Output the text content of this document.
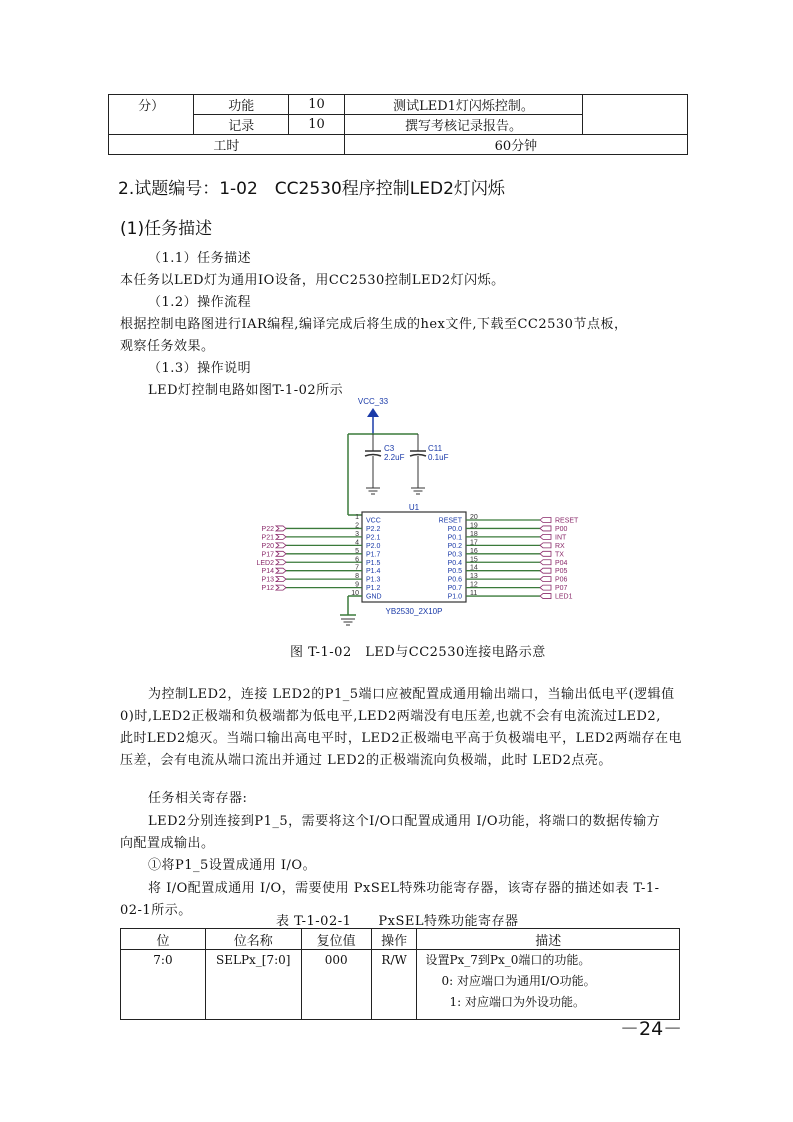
分）	功能	10	测试LED1灯闪烁控制。	
	记录	10	撰写考核记录报告。	
工时			60分钟	
2.试题编号：1-02　CC2530程序控制LED2灯闪烁
(1)任务描述
（1.1）任务描述
本任务以LED灯为通用IO设备，用CC2530控制LED2灯闪烁。
（1.2）操作流程
根据控制电路图进行IAR编程,编译完成后将生成的hex文件,下载至CC2530节点板，
观察任务效果。
（1.3）操作说明
LED灯控制电路如图T-1-02所示
VCC_33
C3
2.2uF
C11
0.1uF
U1
YB2530_2X10P
1 VCC
2 P2.2
P22
3 P2.1
P21
4 P2.0
P20
5 P1.7
P17
6 P1.5
LED2
7 P1.4
P14
8 P1.3
P13
9 P1.2
P12
10 GND
20
RESET	RESET
19
P0.0	P00
18
P0.1	INT
17
P0.2	RX
16
P0.3	TX
15
P0.4	P04
14
P0.5	P05
13
P0.6	P06
12
P0.7	P07
11
P1.0	LED1
图 T-1-02　LED与CC2530连接电路示意
为控制LED2，连接 LED2的P1_5端口应被配置成通用输出端口，当输出低电平(逻辑值
0)时,LED2正极端和负极端都为低电平,LED2两端没有电压差,也就不会有电流流过LED2,
此时LED2熄灭。当端口输出高电平时，LED2正极端电平高于负极端电平，LED2两端存在电
压差，会有电流从端口流出并通过 LED2的正极端流向负极端，此时 LED2点亮。
任务相关寄存器:
LED2分别连接到P1_5，需要将这个I/O口配置成通用 I/O功能，将端口的数据传输方
向配置成输出。
①将P1_5设置成通用 I/O。
将 I/O配置成通用 I/O，需要使用 PxSEL特殊功能寄存器，该寄存器的描述如表 T-1-
02-1所示。
表 T-1-02-1　　PxSEL特殊功能寄存器
位	位名称	复位值	操作	描述
7:0	SELPx_[7:0]	000	R/W	设置Px_7到Px_0端口的功能。
0: 对应端口为通用I/O功能。
1: 对应端口为外设功能。
－24－
